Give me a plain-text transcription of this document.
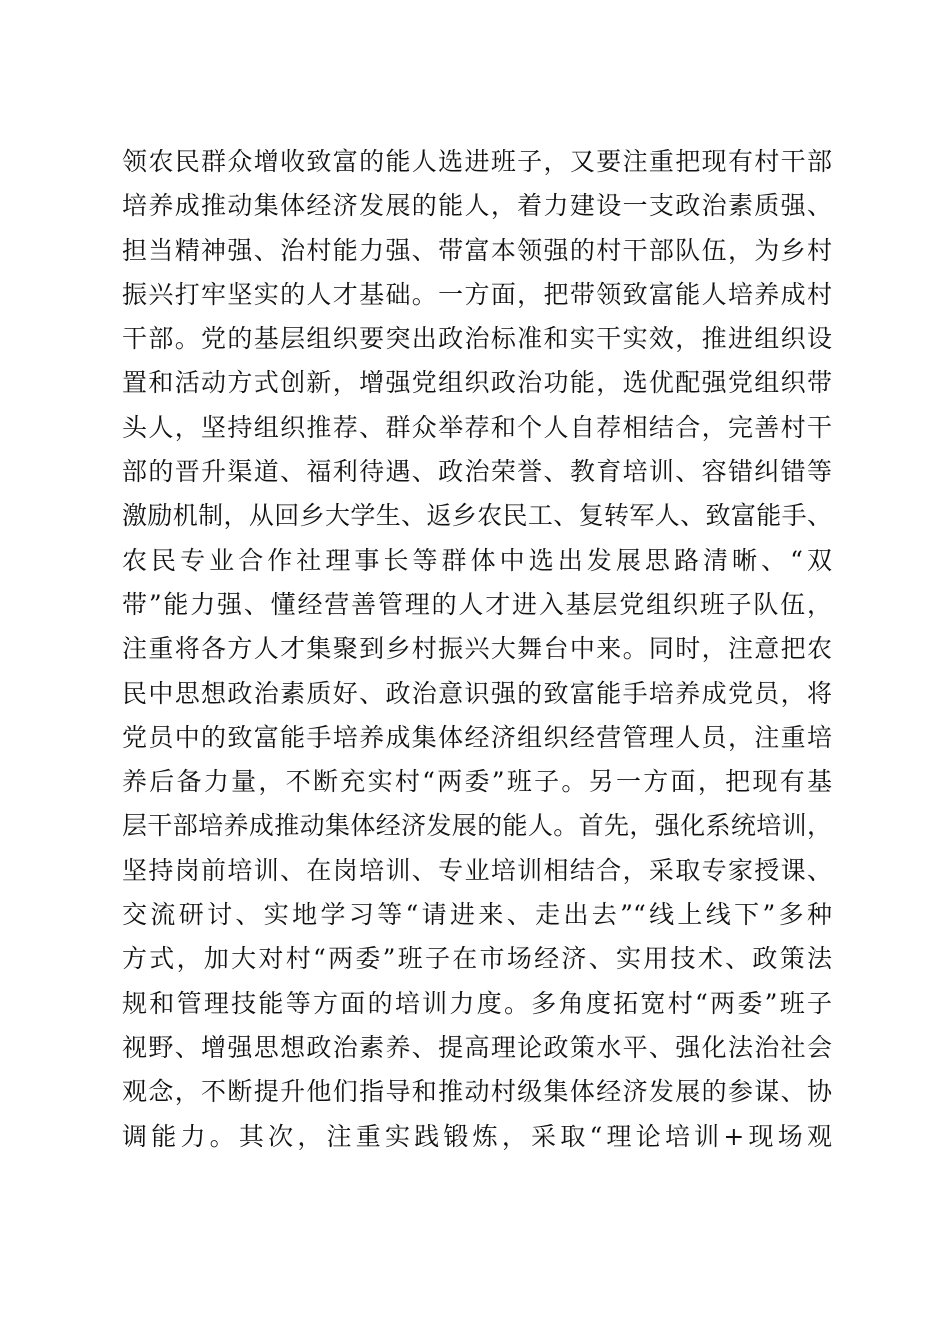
领农民群众增收致富的能人选进班子，又要注重把现有村干部
培养成推动集体经济发展的能人，着力建设一支政治素质强、
担当精神强、治村能力强、带富本领强的村干部队伍，为乡村
振兴打牢坚实的人才基础。一方面，把带领致富能人培养成村
干部。党的基层组织要突出政治标准和实干实效，推进组织设
置和活动方式创新，增强党组织政治功能，选优配强党组织带
头人，坚持组织推荐、群众举荐和个人自荐相结合，完善村干
部的晋升渠道、福利待遇、政治荣誉、教育培训、容错纠错等
激励机制，从回乡大学生、返乡农民工、复转军人、致富能手、
农民专业合作社理事长等群体中选出发展思路清晰、“双
带”能力强、懂经营善管理的人才进入基层党组织班子队伍，
注重将各方人才集聚到乡村振兴大舞台中来。同时，注意把农
民中思想政治素质好、政治意识强的致富能手培养成党员，将
党员中的致富能手培养成集体经济组织经营管理人员，注重培
养后备力量，不断充实村“两委”班子。另一方面，把现有基
层干部培养成推动集体经济发展的能人。首先，强化系统培训，
坚持岗前培训、在岗培训、专业培训相结合，采取专家授课、
交流研讨、实地学习等“请进来、走出去”“线上线下”多种
方式，加大对村“两委”班子在市场经济、实用技术、政策法
规和管理技能等方面的培训力度。多角度拓宽村“两委”班子
视野、增强思想政治素养、提高理论政策水平、强化法治社会
观念，不断提升他们指导和推动村级集体经济发展的参谋、协
调能力。其次，注重实践锻炼，采取“理论培训+现场观
